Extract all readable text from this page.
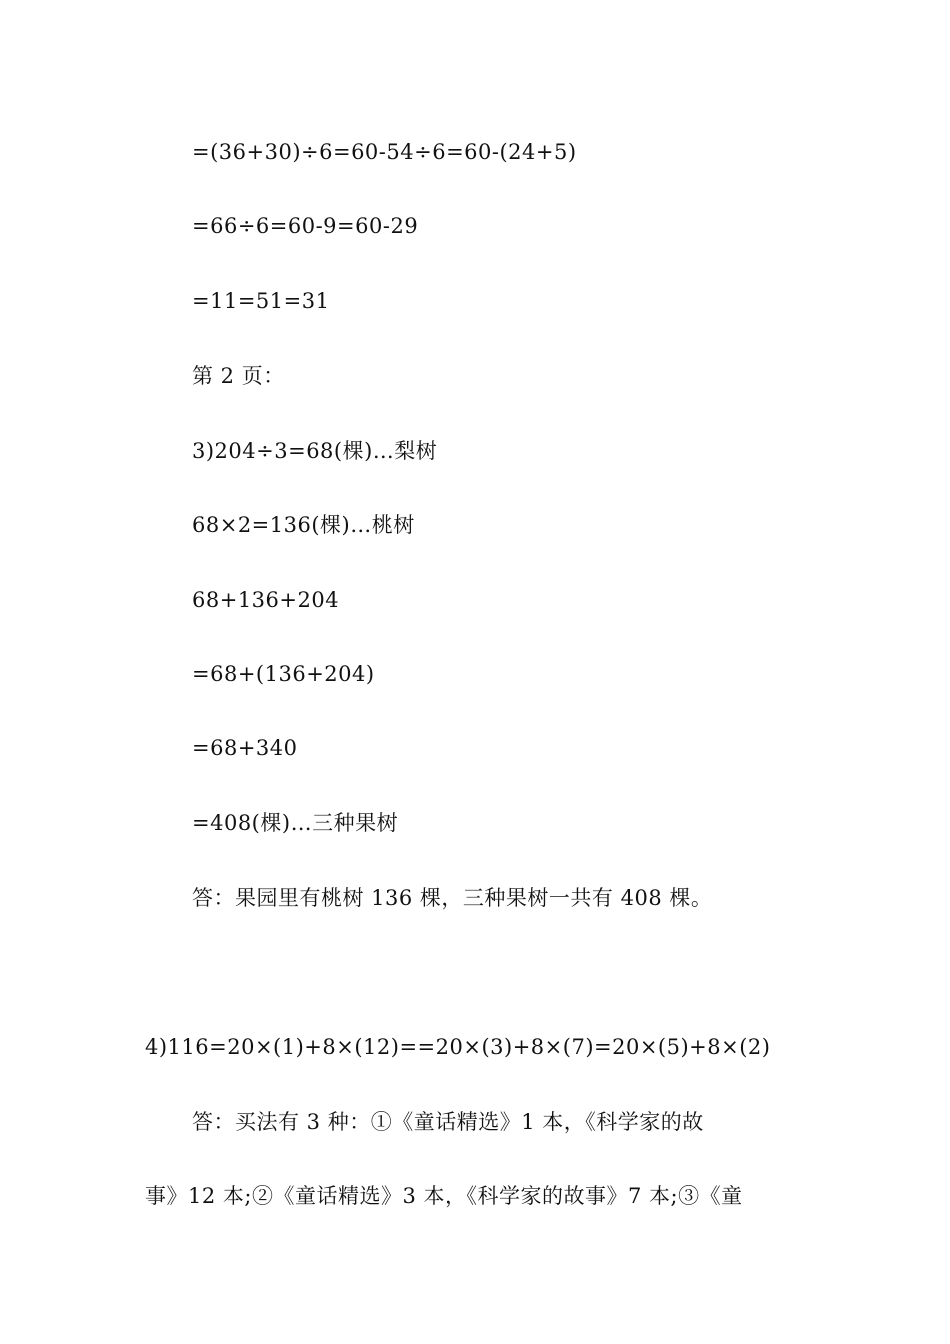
=(36+30)÷6=60-54÷6=60-(24+5)
=66÷6=60-9=60-29
=11=51=31
第 2 页：
3)204÷3=68(棵)…梨树
68×2=136(棵)…桃树
68+136+204
=68+(136+204)
=68+340
=408(棵)…三种果树
答：果园里有桃树 136 棵，三种果树一共有 408 棵。
4)116=20×(1)+8×(12)==20×(3)+8×(7)=20×(5)+8×(2)
答：买法有 3 种：①《童话精选》1 本，《科学家的故
事》12 本;②《童话精选》3 本，《科学家的故事》7 本;③《童
